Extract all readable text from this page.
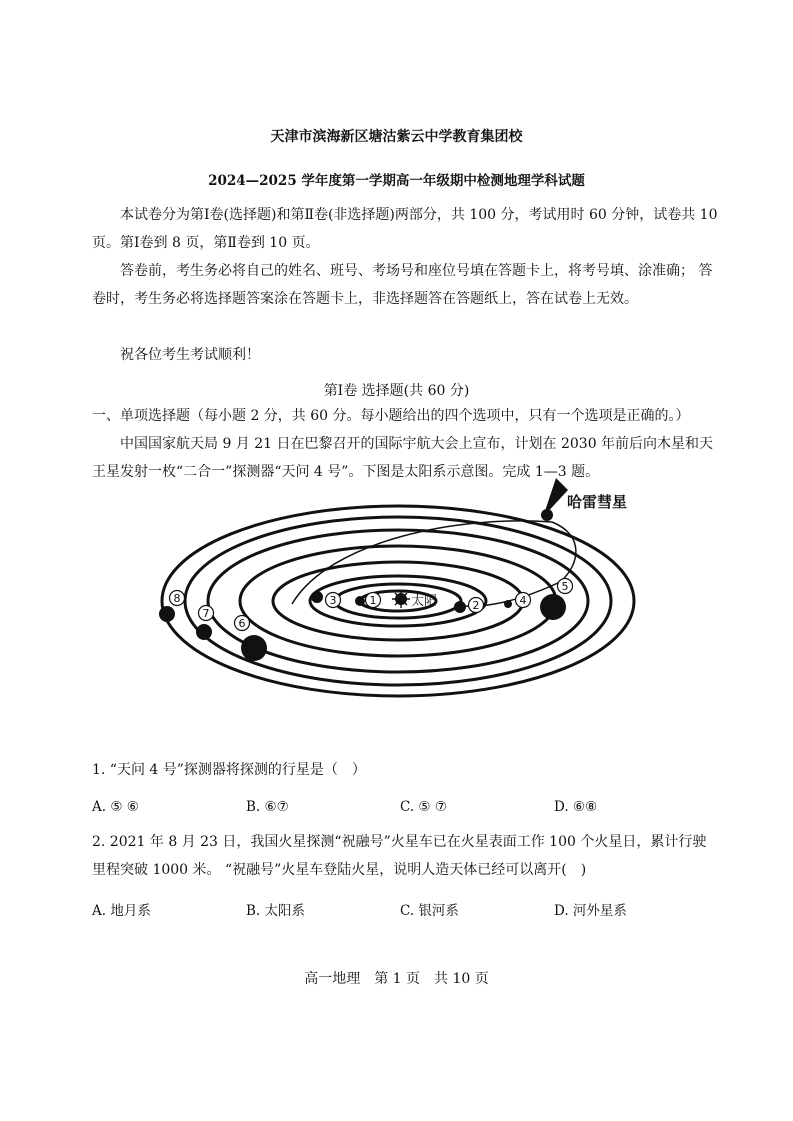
天津市滨海新区塘沽紫云中学教育集团校

2024—2025 学年度第一学期高一年级期中检测地理学科试题

本试卷分为第Ⅰ卷(选择题)和第Ⅱ卷(非选择题)两部分，共 100 分，考试用时 60 分钟，试卷共 10 页。第Ⅰ卷到 8 页，第Ⅱ卷到 10 页。

答卷前，考生务必将自己的姓名、班号、考场号和座位号填在答题卡上，将考号填、涂准确； 答卷时，考生务必将选择题答案涂在答题卡上，非选择题答在答题纸上，答在试卷上无效。

祝各位考生考试顺利！

第Ⅰ卷 选择题(共 60 分)

一、单项选择题（每小题 2 分，共 60 分。每小题给出的四个选项中，只有一个选项是正确的。）

中国国家航天局 9 月 21 日在巴黎召开的国际宇航大会上宣布，计划在 2030 年前后向木星和天王星发射一枚“二合一”探测器“天问 4 号”。下图是太阳系示意图。完成 1—3 题。

太阳
哈雷彗星
1	2
3	4
5
6
7
8

1. “天问 4 号”探测器将探测的行星是（　）

A. ⑤ ⑥	B. ⑥⑦	C. ⑤ ⑦	D. ⑥⑧

2. 2021 年 8 月 23 日，我国火星探测“祝融号”火星车已在火星表面工作 100 个火星日，累计行驶里程突破 1000 米。 “祝融号”火星车登陆火星，说明人造天体已经可以离开(　)

A. 地月系	B. 太阳系	C. 银河系	D. 河外星系

高一地理　第 1 页　共 10 页
